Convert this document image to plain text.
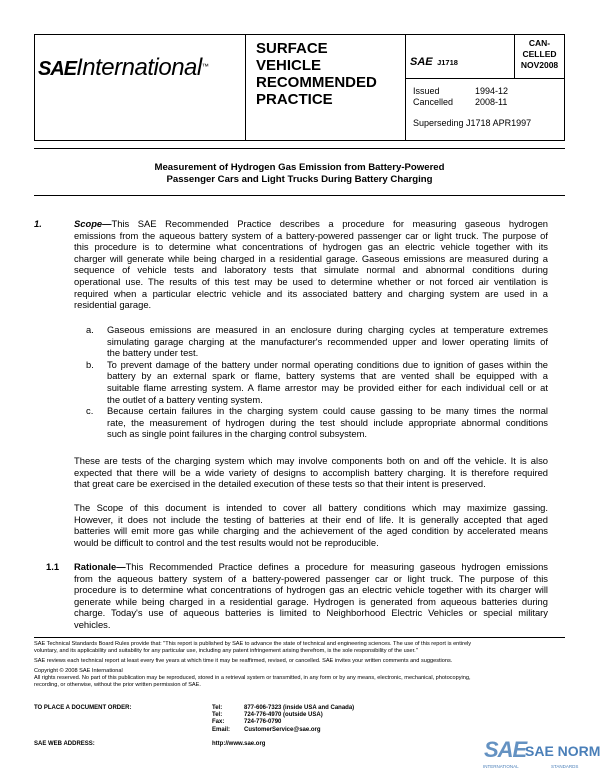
SAEInternational™
SURFACE
VEHICLE
RECOMMENDED
PRACTICE
SAE J1718
CAN-
CELLED
NOV2008
Issued	1994-12
Cancelled 2008-11
Superseding J1718 APR1997
Measurement of Hydrogen Gas Emission from Battery-Powered
Passenger Cars and Light Trucks During Battery Charging
1.	Scope—This SAE Recommended Practice describes a procedure for measuring gaseous hydrogen
emissions from the aqueous battery system of a battery-powered passenger car or light truck. The purpose of
this procedure is to determine what concentrations of hydrogen gas an electric vehicle together with its
charger will generate while being charged in a residential garage. Gaseous emissions are measured during a
sequence of vehicle tests and laboratory tests that simulate normal and abnormal conditions during
operational use. The results of this test may be used to determine whether or not forced air ventilation is
required when a particular electric vehicle and its associated battery and charging system are used in a
residential garage.
a. Gaseous emissions are measured in an enclosure during charging cycles at temperature extremes
simulating garage charging at the manufacturer's recommended upper and lower operating limits of
the battery under test.
b. To prevent damage of the battery under normal operating conditions due to ignition of gases within the
battery by an external spark or flame, battery systems that are vented shall be equipped with a
suitable flame arresting system. A flame arrestor may be provided either for each individual cell or at
the outlet of a battery venting system.
c. Because certain failures in the charging system could cause gassing to be many times the normal
rate, the measurement of hydrogen during the test should include appropriate abnormal conditions
such as single point failures in the charging control subsystem.
These are tests of the charging system which may involve components both on and off the vehicle. It is also
expected that there will be a wide variety of designs to accomplish battery charging. It is therefore required
that great care be exercised in the detailed execution of these tests so that their intent is preserved.
The Scope of this document is intended to cover all battery conditions which may maximize gassing.
However, it does not include the testing of batteries at their end of life. It is generally accepted that aged
batteries will emit more gas while charging and the achievement of the aged condition by accelerated means
would be difficult to control and the test results would not be reproducible.
1.1 Rationale—This Recommended Practice defines a procedure for measuring gaseous hydrogen emissions
from the aqueous battery system of a battery-powered passenger car or light truck. The purpose of this
procedure is to determine what concentrations of hydrogen gas an electric vehicle together with its charger will
generate while being charged in a residential garage. Hydrogen is generated from aqueous batteries during
charge. Today's use of aqueous batteries is limited to Neighborhood Electric Vehicles or special military
vehicles.
SAE Technical Standards Board Rules provide that: "This report is published by SAE to advance the state of technical and engineering sciences. The use of this report is entirely
voluntary, and its applicability and suitability for any particular use, including any patent infringement arising therefrom, is the sole responsibility of the user."
SAE reviews each technical report at least every five years at which time it may be reaffirmed, revised, or cancelled. SAE invites your written comments and suggestions.
Copyright © 2008 SAE International
All rights reserved. No part of this publication may be reproduced, stored in a retrieval system or transmitted, in any form or by any means, electronic, mechanical, photocopying,
recording, or otherwise, without the prior written permission of SAE.
TO PLACE A DOCUMENT ORDER:	Tel:	877-606-7323 (inside USA and Canada)
Tel:	724-776-4970 (outside USA)
Fax:	724-776-0790
Email: CustomerService@sae.org
SAE WEB ADDRESS:	http://www.sae.org	SAE
SAE NORM
INTERNATIONAL	STANDARDS
